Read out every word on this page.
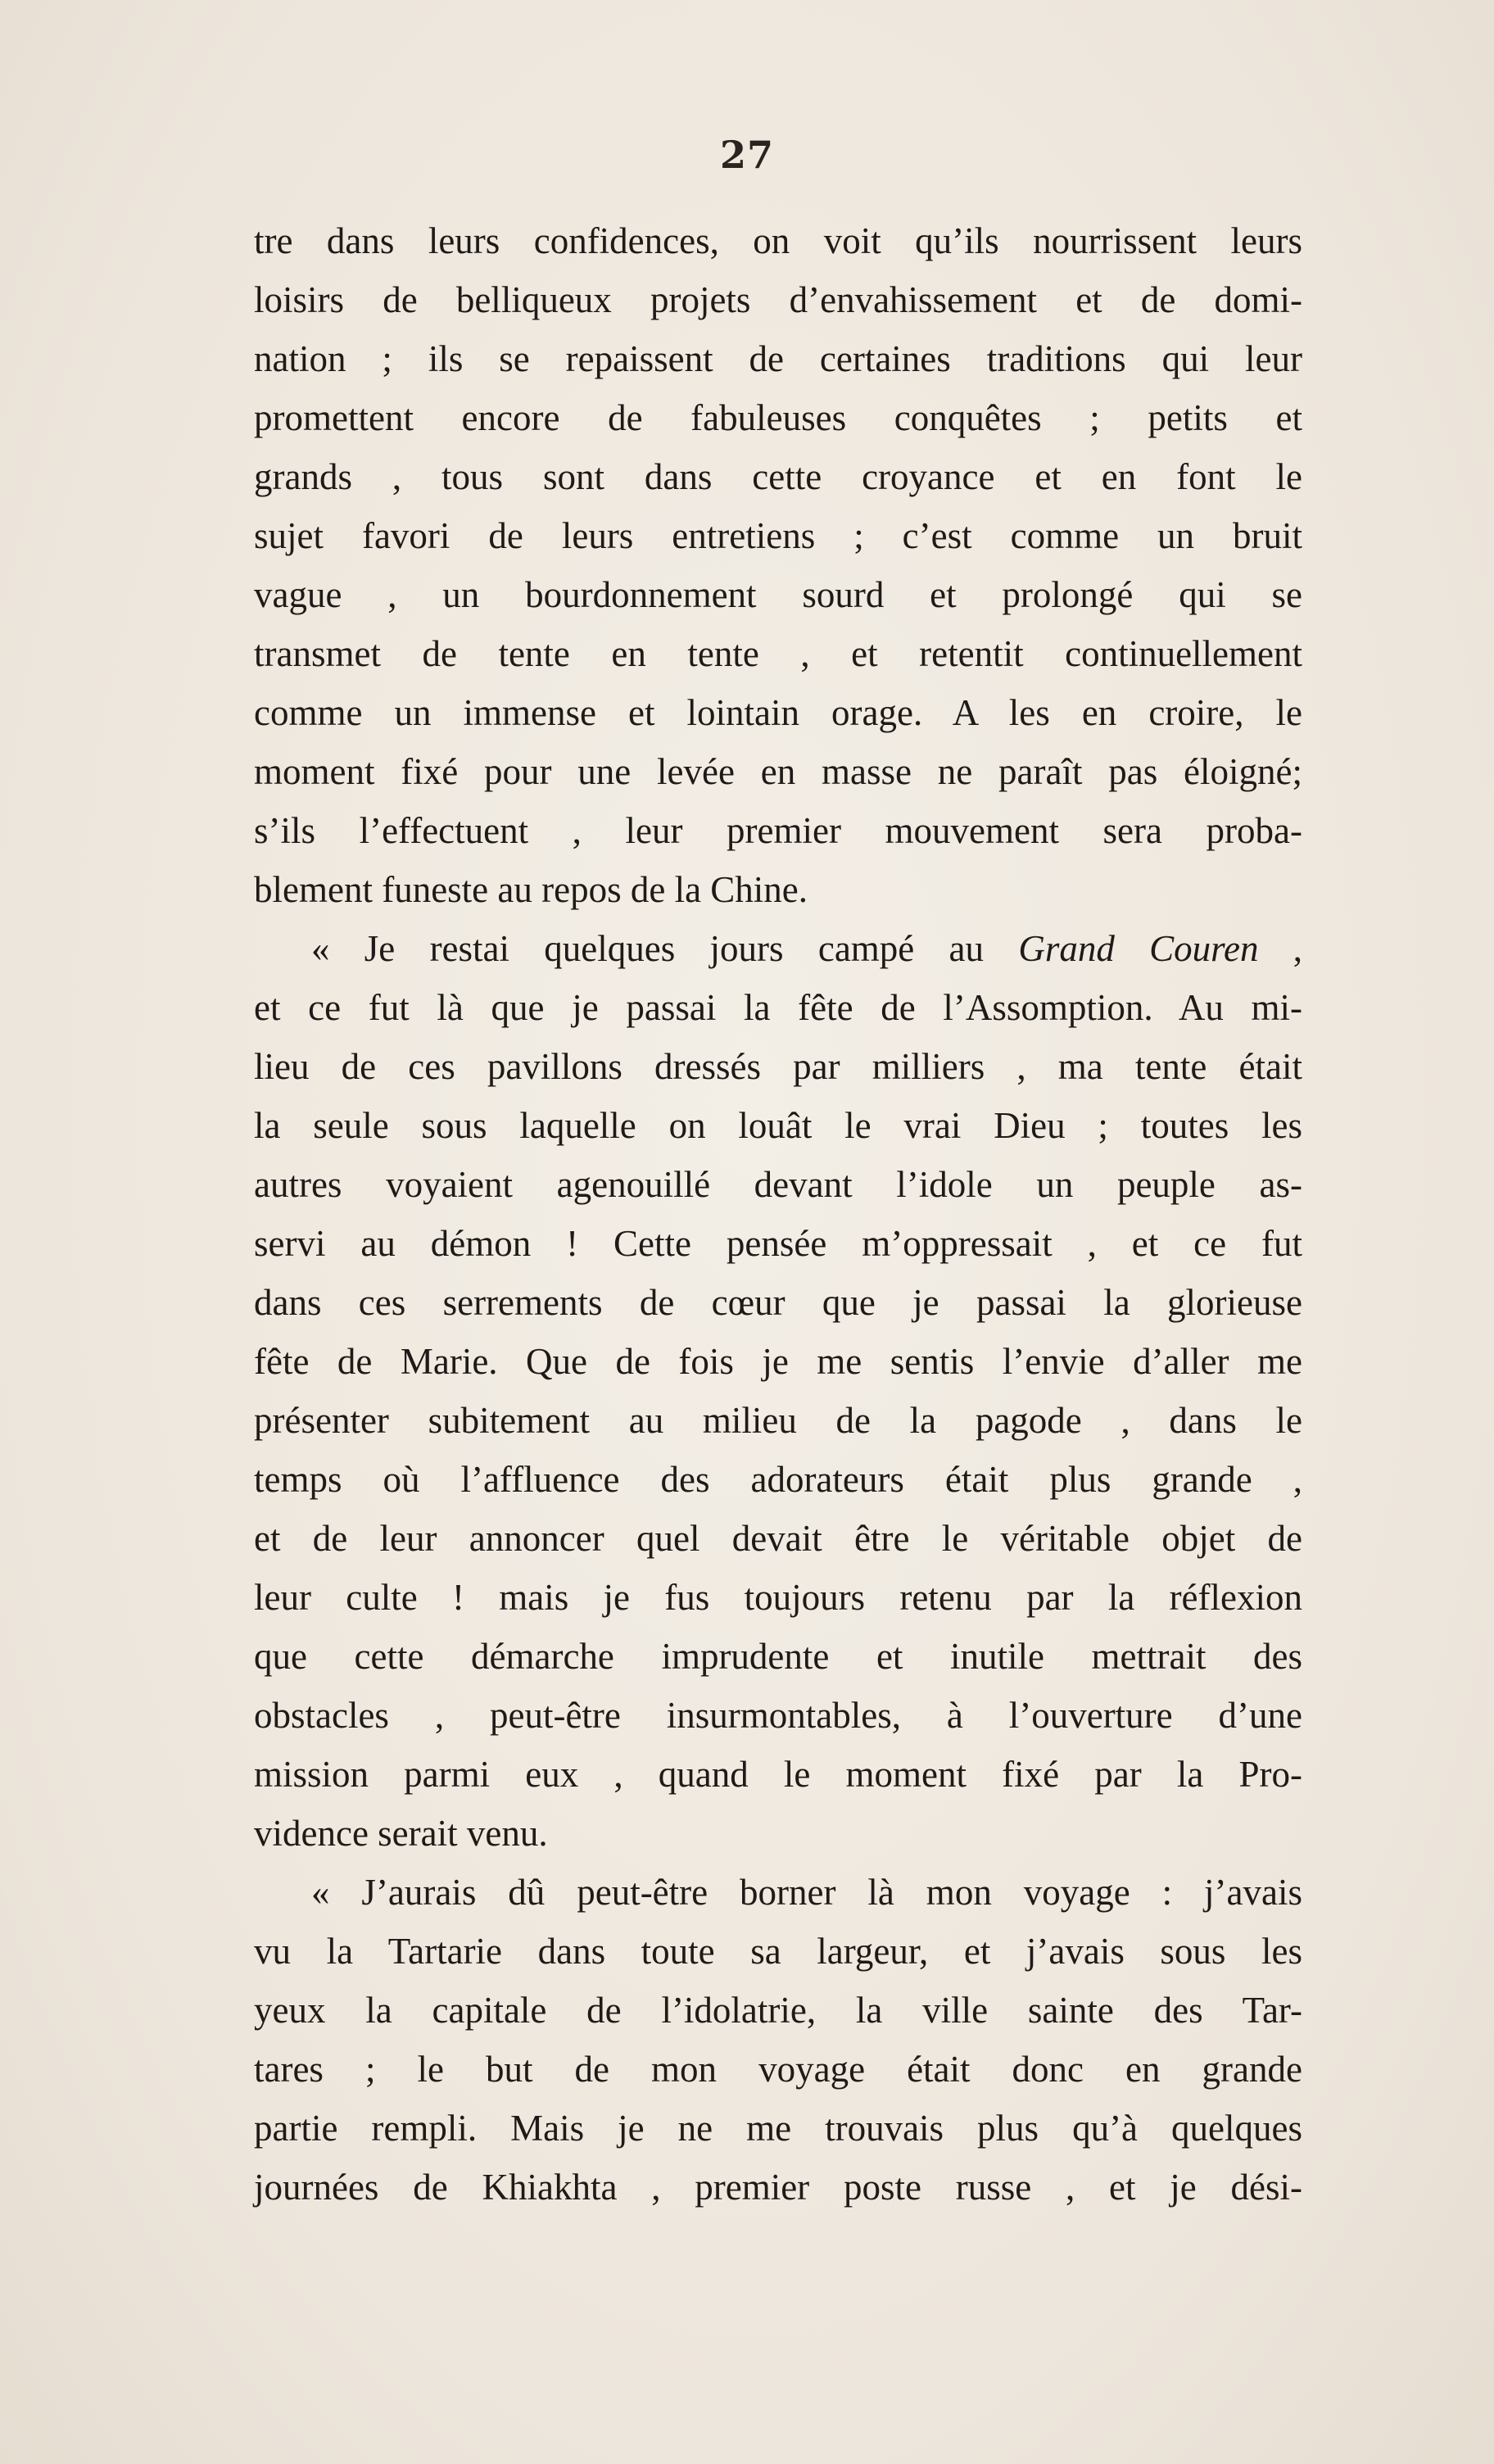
27
tre dans leurs confidences, on voit qu’ils nourrissent leurs
loisirs de belliqueux projets d’envahissement et de domi-
nation ; ils se repaissent de certaines traditions qui leur
promettent encore de fabuleuses conquêtes ; petits et
grands , tous sont dans cette croyance et en font le
sujet favori de leurs entretiens ; c’est comme un bruit
vague , un bourdonnement sourd et prolongé qui se
transmet de tente en tente , et retentit continuellement
comme un immense et lointain orage. A les en croire, le
moment fixé pour une levée en masse ne paraît pas éloigné;
s’ils l’effectuent , leur premier mouvement sera proba-
blement funeste au repos de la Chine.
« Je restai quelques jours campé au Grand Couren ,
et ce fut là que je passai la fête de l’Assomption. Au mi-
lieu de ces pavillons dressés par milliers , ma tente était
la seule sous laquelle on louât le vrai Dieu ; toutes les
autres voyaient agenouillé devant l’idole un peuple as-
servi au démon ! Cette pensée m’oppressait , et ce fut
dans ces serrements de cœur que je passai la glorieuse
fête de Marie. Que de fois je me sentis l’envie d’aller me
présenter subitement au milieu de la pagode , dans le
temps où l’affluence des adorateurs était plus grande ,
et de leur annoncer quel devait être le véritable objet de
leur culte ! mais je fus toujours retenu par la réflexion
que cette démarche imprudente et inutile mettrait des
obstacles , peut-être insurmontables, à l’ouverture d’une
mission parmi eux , quand le moment fixé par la Pro-
vidence serait venu.
« J’aurais dû peut-être borner là mon voyage : j’avais
vu la Tartarie dans toute sa largeur, et j’avais sous les
yeux la capitale de l’idolatrie, la ville sainte des Tar-
tares ; le but de mon voyage était donc en grande
partie rempli. Mais je ne me trouvais plus qu’à quelques
journées de Khiakhta , premier poste russe , et je dési-
